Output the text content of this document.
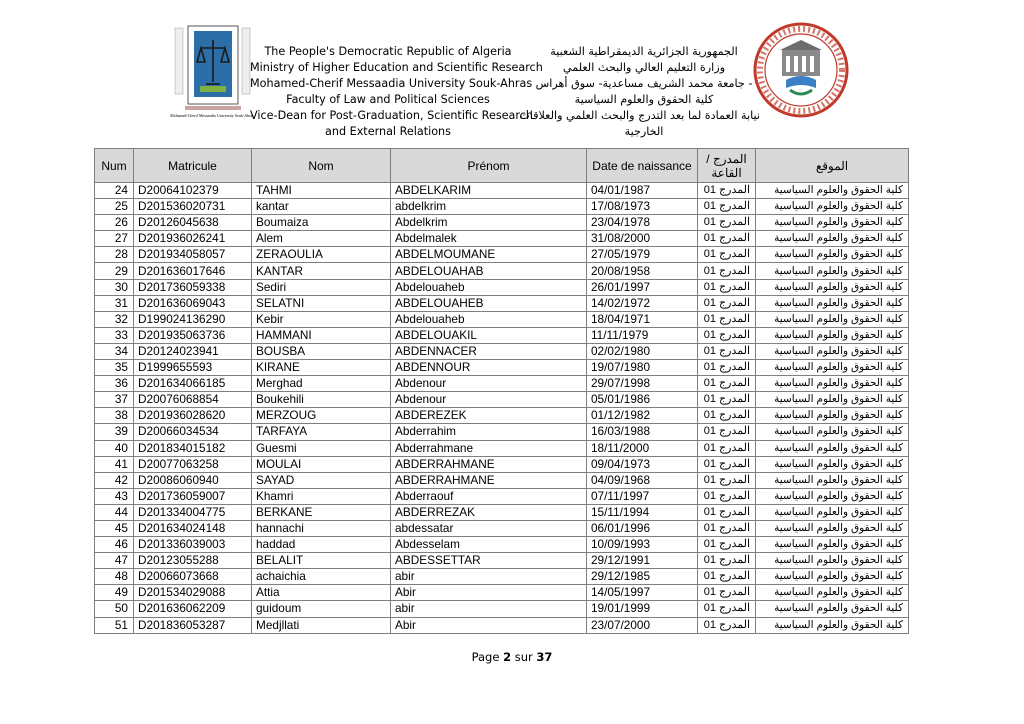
Mohamed-Cherif Messaadia University Souk-Ahras
The People's Democratic Republic of Algeria
Ministry of Higher Education and Scientific Research
Mohamed-Cherif Messaadia University Souk-Ahras
Faculty of Law and Political Sciences
Vice-Dean for Post-Graduation, Scientific Research
and External Relations
الجمهورية الجزائرية الديمقراطية الشعبية
وزارة التعليم العالي والبحث العلمي
- جامعة محمد الشريف مساعدية- سوق أهراس
كلية الحقوق والعلوم السياسية
نيابة العمادة لما بعد التدرج والبحث العلمي والعلاقات
الخارجية
Num	Matricule	Nom	Prénom	Date de naissance	المدرج / القاعة	الموقع
24	D20064102379	TAHMI	ABDELKARIM	04/01/1987	المدرج 01	كلية الحقوق والعلوم السياسية
25	D201536020731	kantar	abdelkrim	17/08/1973	المدرج 01	كلية الحقوق والعلوم السياسية
26	D20126045638	Boumaiza	Abdelkrim	23/04/1978	المدرج 01	كلية الحقوق والعلوم السياسية
27	D201936026241	Alem	Abdelmalek	31/08/2000	المدرج 01	كلية الحقوق والعلوم السياسية
28	D201934058057	ZERAOULIA	ABDELMOUMANE	27/05/1979	المدرج 01	كلية الحقوق والعلوم السياسية
29	D201636017646	KANTAR	ABDELOUAHAB	20/08/1958	المدرج 01	كلية الحقوق والعلوم السياسية
30	D201736059338	Sediri	Abdelouaheb	26/01/1997	المدرج 01	كلية الحقوق والعلوم السياسية
31	D201636069043	SELATNI	ABDELOUAHEB	14/02/1972	المدرج 01	كلية الحقوق والعلوم السياسية
32	D199024136290	Kebir	Abdelouaheb	18/04/1971	المدرج 01	كلية الحقوق والعلوم السياسية
33	D201935063736	HAMMANI	ABDELOUAKIL	11/11/1979	المدرج 01	كلية الحقوق والعلوم السياسية
34	D20124023941	BOUSBA	ABDENNACER	02/02/1980	المدرج 01	كلية الحقوق والعلوم السياسية
35	D1999655593	KIRANE	ABDENNOUR	19/07/1980	المدرج 01	كلية الحقوق والعلوم السياسية
36	D201634066185	Merghad	Abdenour	29/07/1998	المدرج 01	كلية الحقوق والعلوم السياسية
37	D20076068854	Boukehili	Abdenour	05/01/1986	المدرج 01	كلية الحقوق والعلوم السياسية
38	D201936028620	MERZOUG	ABDEREZEK	01/12/1982	المدرج 01	كلية الحقوق والعلوم السياسية
39	D20066034534	TARFAYA	Abderrahim	16/03/1988	المدرج 01	كلية الحقوق والعلوم السياسية
40	D201834015182	Guesmi	Abderrahmane	18/11/2000	المدرج 01	كلية الحقوق والعلوم السياسية
41	D20077063258	MOULAI	ABDERRAHMANE	09/04/1973	المدرج 01	كلية الحقوق والعلوم السياسية
42	D20086060940	SAYAD	ABDERRAHMANE	04/09/1968	المدرج 01	كلية الحقوق والعلوم السياسية
43	D201736059007	Khamri	Abderraouf	07/11/1997	المدرج 01	كلية الحقوق والعلوم السياسية
44	D201334004775	BERKANE	ABDERREZAK	15/11/1994	المدرج 01	كلية الحقوق والعلوم السياسية
45	D201634024148	hannachi	abdessatar	06/01/1996	المدرج 01	كلية الحقوق والعلوم السياسية
46	D201336039003	haddad	Abdesselam	10/09/1993	المدرج 01	كلية الحقوق والعلوم السياسية
47	D20123055288	BELALIT	ABDESSETTAR	29/12/1991	المدرج 01	كلية الحقوق والعلوم السياسية
48	D20066073668	achaichia	abir	29/12/1985	المدرج 01	كلية الحقوق والعلوم السياسية
49	D201534029088	Attia	Abir	14/05/1997	المدرج 01	كلية الحقوق والعلوم السياسية
50	D201636062209	guidoum	abir	19/01/1999	المدرج 01	كلية الحقوق والعلوم السياسية
51	D201836053287	Medjllati	Abir	23/07/2000	المدرج 01	كلية الحقوق والعلوم السياسية
Page 2 sur 37
